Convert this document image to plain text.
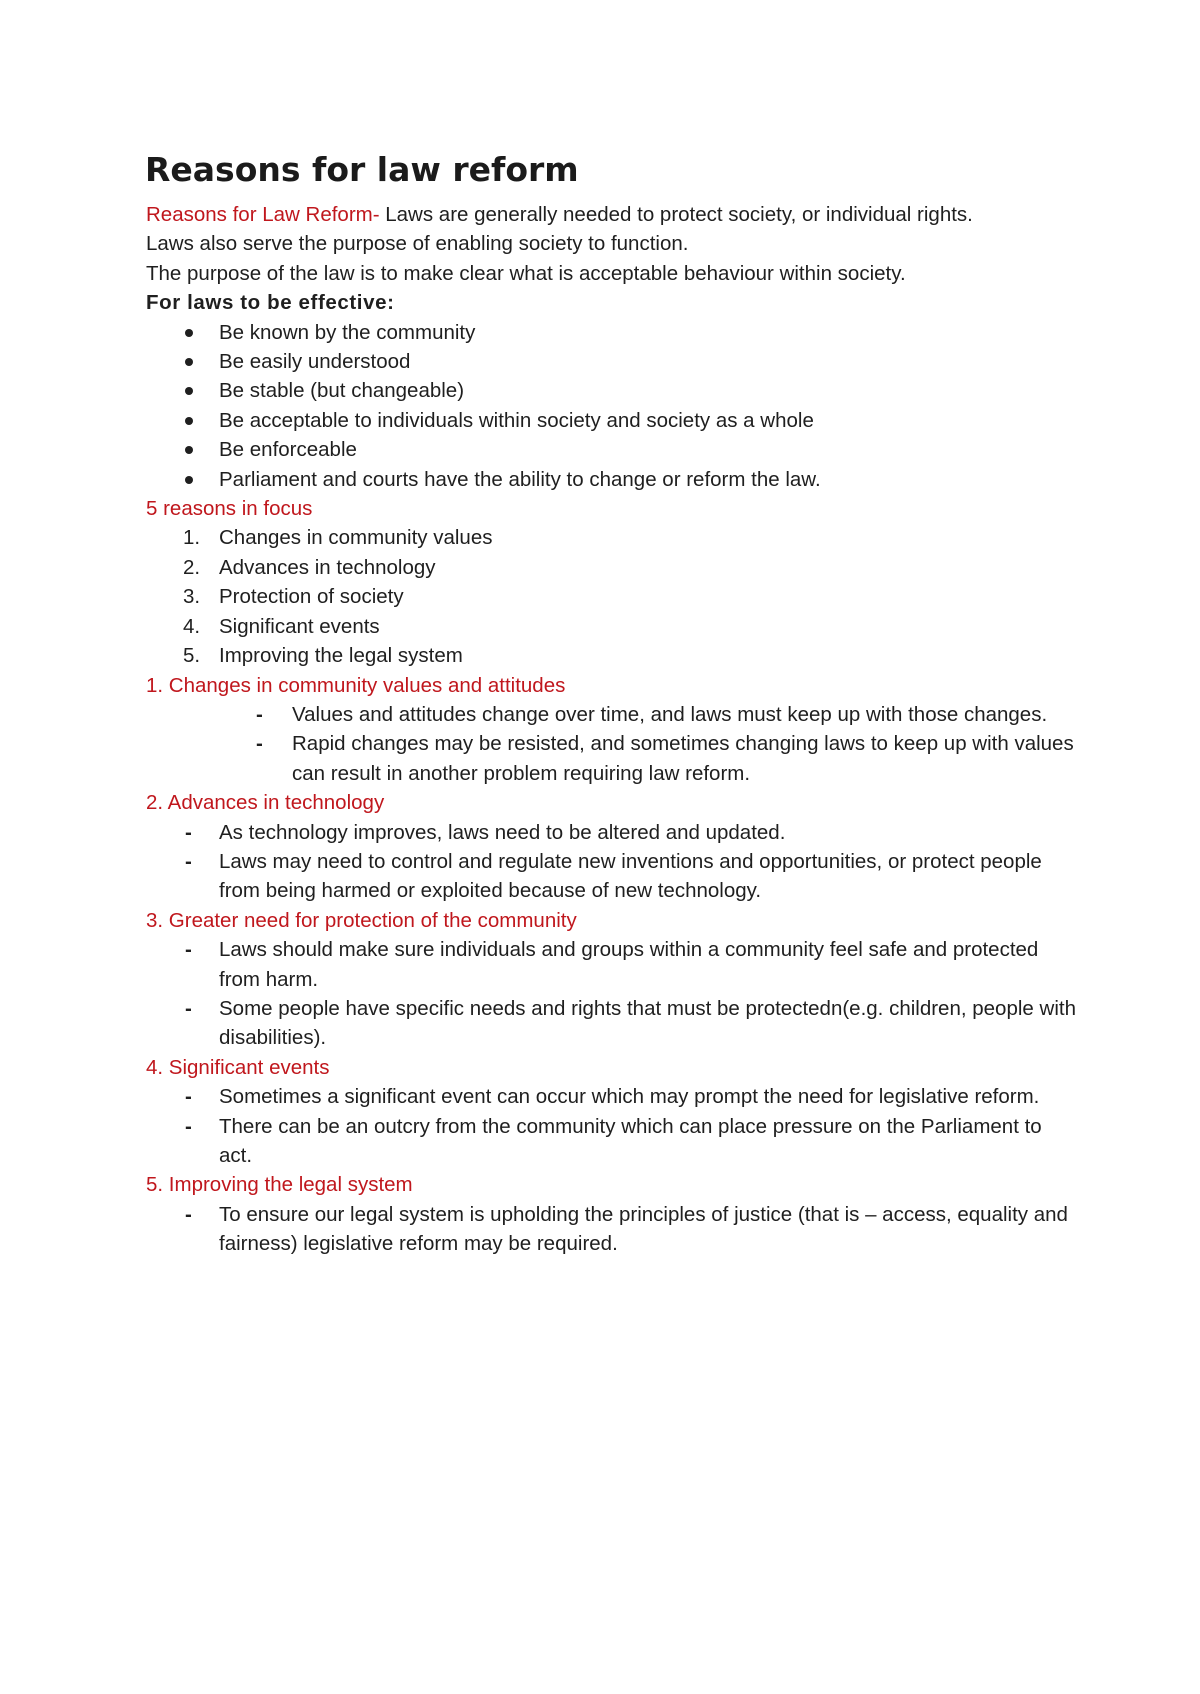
Reasons for law reform

Reasons for Law Reform- Laws are generally needed to protect society, or individual rights.

Laws also serve the purpose of enabling society to function.

The purpose of the law is to make clear what is acceptable behaviour within society.

For laws to be effective:

Be known by the community
Be easily understood
Be stable (but changeable)
Be acceptable to individuals within society and society as a whole
Be enforceable
Parliament and courts have the ability to change or reform the law.

5 reasons in focus

1. Changes in community values
2. Advances in technology
3. Protection of society
4. Significant events
5. Improving the legal system

1. Changes in community values and attitudes

- Values and attitudes change over time, and laws must keep up with those changes.
- Rapid changes may be resisted, and sometimes changing laws to keep up with values can result in another problem requiring law reform.

2. Advances in technology

- As technology improves, laws need to be altered and updated.
- Laws may need to control and regulate new inventions and opportunities, or protect people from being harmed or exploited because of new technology.

3. Greater need for protection of the community

- Laws should make sure individuals and groups within a community feel safe and protected from harm.
- Some people have specific needs and rights that must be protectedn(e.g. children, people with disabilities).

4. Significant events

- Sometimes a significant event can occur which may prompt the need for legislative reform.
- There can be an outcry from the community which can place pressure on the Parliament to act.

5. Improving the legal system

- To ensure our legal system is upholding the principles of justice (that is – access, equality and fairness) legislative reform may be required.
